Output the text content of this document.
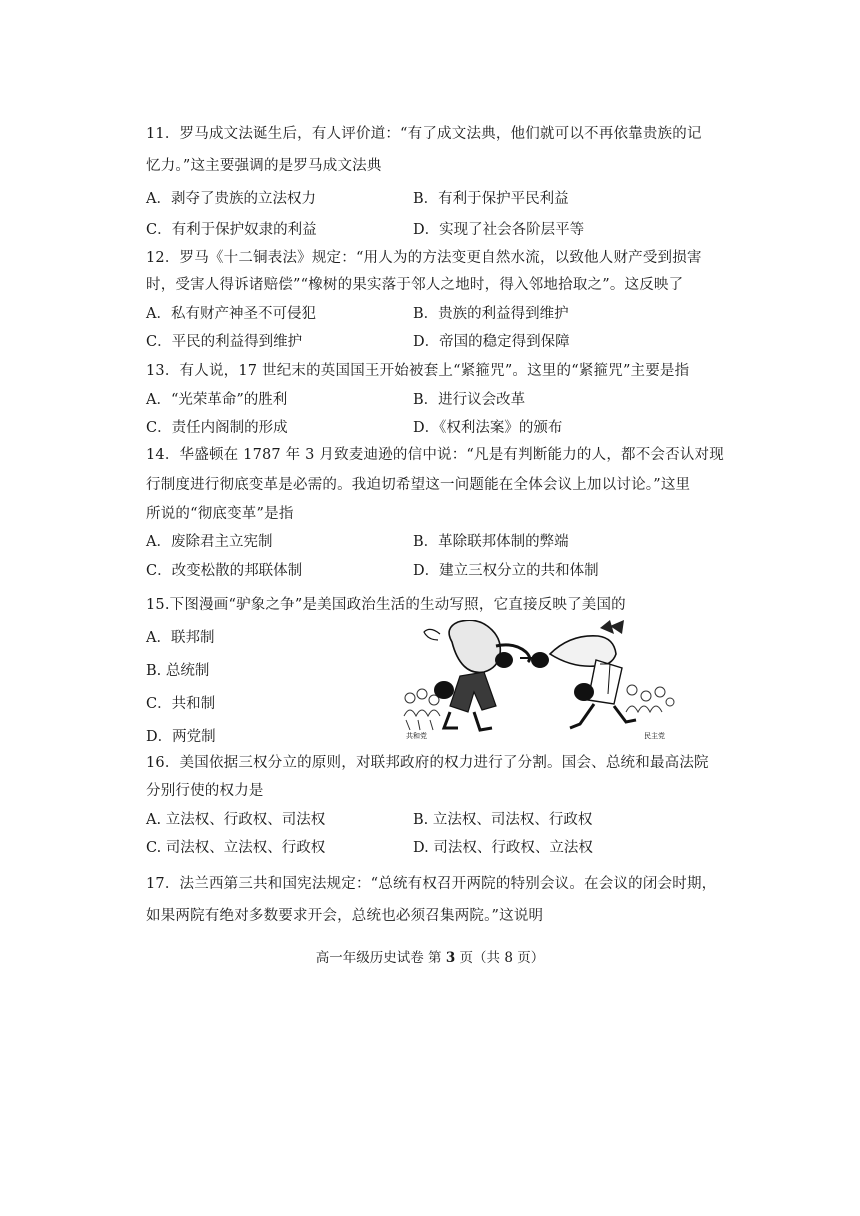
11．罗马成文法诞生后，有人评价道：“有了成文法典，他们就可以不再依靠贵族的记
忆力。”这主要强调的是罗马成文法典
A．剥夺了贵族的立法权力	B．有利于保护平民利益
C．有利于保护奴隶的利益	D．实现了社会各阶层平等
12．罗马《十二铜表法》规定：“用人为的方法变更自然水流，以致他人财产受到损害
时，受害人得诉诸赔偿”“橡树的果实落于邻人之地时，得入邻地拾取之”。这反映了
A．私有财产神圣不可侵犯	B．贵族的利益得到维护
C．平民的利益得到维护	D．帝国的稳定得到保障
13．有人说，17 世纪末的英国国王开始被套上“紧箍咒”。这里的“紧箍咒”主要是指
A．“光荣革命”的胜利	B．进行议会改革
C．责任内阁制的形成	D．《权利法案》的颁布
14．华盛顿在 1787 年 3 月致麦迪逊的信中说：“凡是有判断能力的人，都不会否认对现
行制度进行彻底变革是必需的。我迫切希望这一问题能在全体会议上加以讨论。”这里
所说的“彻底变革”是指
A．废除君主立宪制	B．革除联邦体制的弊端
C．改变松散的邦联体制	D．建立三权分立的共和体制
15.下图漫画“驴象之争”是美国政治生活的生动写照，它直接反映了美国的
A．联邦制
B. 总统制
C．共和制
D．两党制	共和党	民主党
16．美国依据三权分立的原则，对联邦政府的权力进行了分割。国会、总统和最高法院
分别行使的权力是
A. 立法权、行政权、司法权	B. 立法权、司法权、行政权
C. 司法权、立法权、行政权	D. 司法权、行政权、立法权
17．法兰西第三共和国宪法规定：“总统有权召开两院的特别会议。在会议的闭会时期，
如果两院有绝对多数要求开会，总统也必须召集两院。”这说明
高一年级历史试卷 第 3 页（共 8 页）
